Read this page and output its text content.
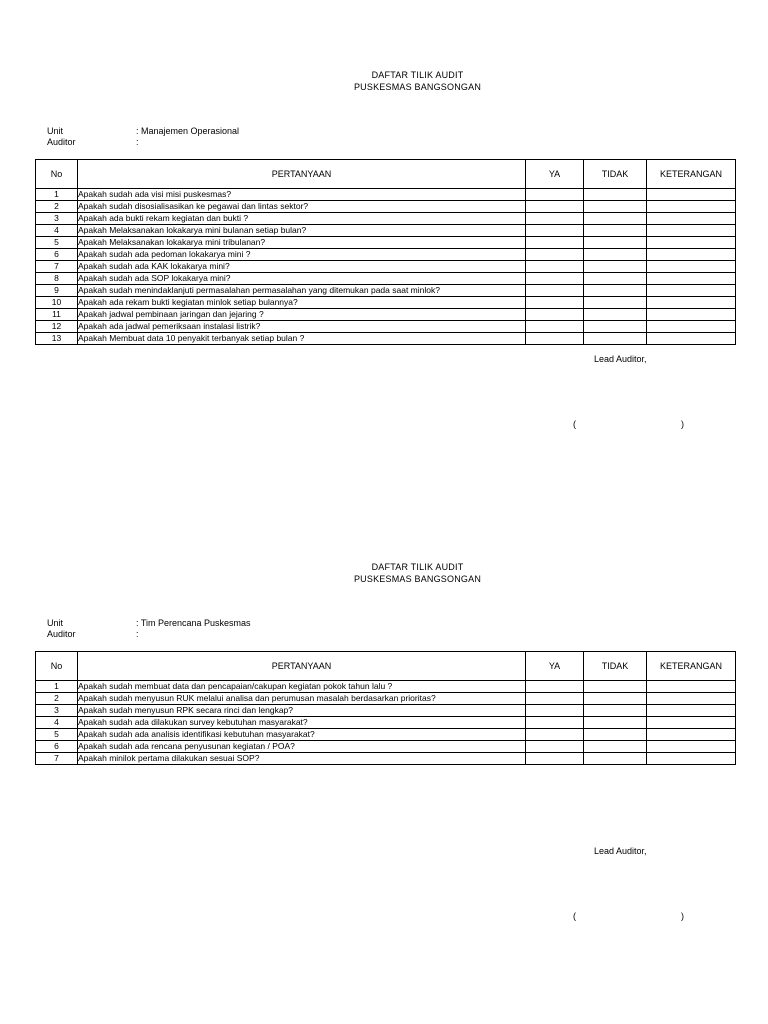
DAFTAR TILIK AUDIT
PUSKESMAS BANGSONGAN
Unit	: Manajemen Operasional
Auditor	:
No	PERTANYAAN	YA	TIDAK	KETERANGAN
1	Apakah sudah ada visi misi puskesmas?			
2	Apakah sudah disosialisasikan ke pegawai dan lintas sektor?			
3	Apakah ada bukti rekam kegiatan dan bukti ?			
4	Apakah Melaksanakan lokakarya mini bulanan setiap bulan?			
5	Apakah Melaksanakan lokakarya mini tribulanan?			
6	Apakah sudah ada pedoman lokakarya mini ?			
7	Apakah sudah ada KAK lokakarya mini?			
8	Apakah sudah ada SOP lokakarya mini?			
9	Apakah sudah menindaklanjuti permasalahan permasalahan yang ditemukan pada saat minlok?			
10	Apakah ada rekam bukti kegiatan minlok setiap bulannya?			
11	Apakah jadwal pembinaan jaringan dan jejaring ?			
12	Apakah ada jadwal pemeriksaan instalasi listrik?			
13	Apakah Membuat data 10 penyakit terbanyak setiap bulan ?			
Lead Auditor,
(	)
DAFTAR TILIK AUDIT
PUSKESMAS BANGSONGAN
Unit	: Tim Perencana Puskesmas
Auditor	:
No	PERTANYAAN	YA	TIDAK	KETERANGAN
1	Apakah sudah membuat data dan pencapaian/cakupan kegiatan pokok tahun lalu ?			
2	Apakah sudah menyusun RUK melalui analisa dan perumusan masalah berdasarkan prioritas?			
3	Apakah sudah menyusun RPK secara rinci dan lengkap?			
4	Apakah sudah ada dilakukan survey kebutuhan masyarakat?			
5	Apakah sudah ada analisis identifikasi kebutuhan masyarakat?			
6	Apakah sudah ada rencana penyusunan kegiatan / POA?			
7	Apakah minilok pertama dilakukan sesuai SOP?			
Lead Auditor,
(	)
